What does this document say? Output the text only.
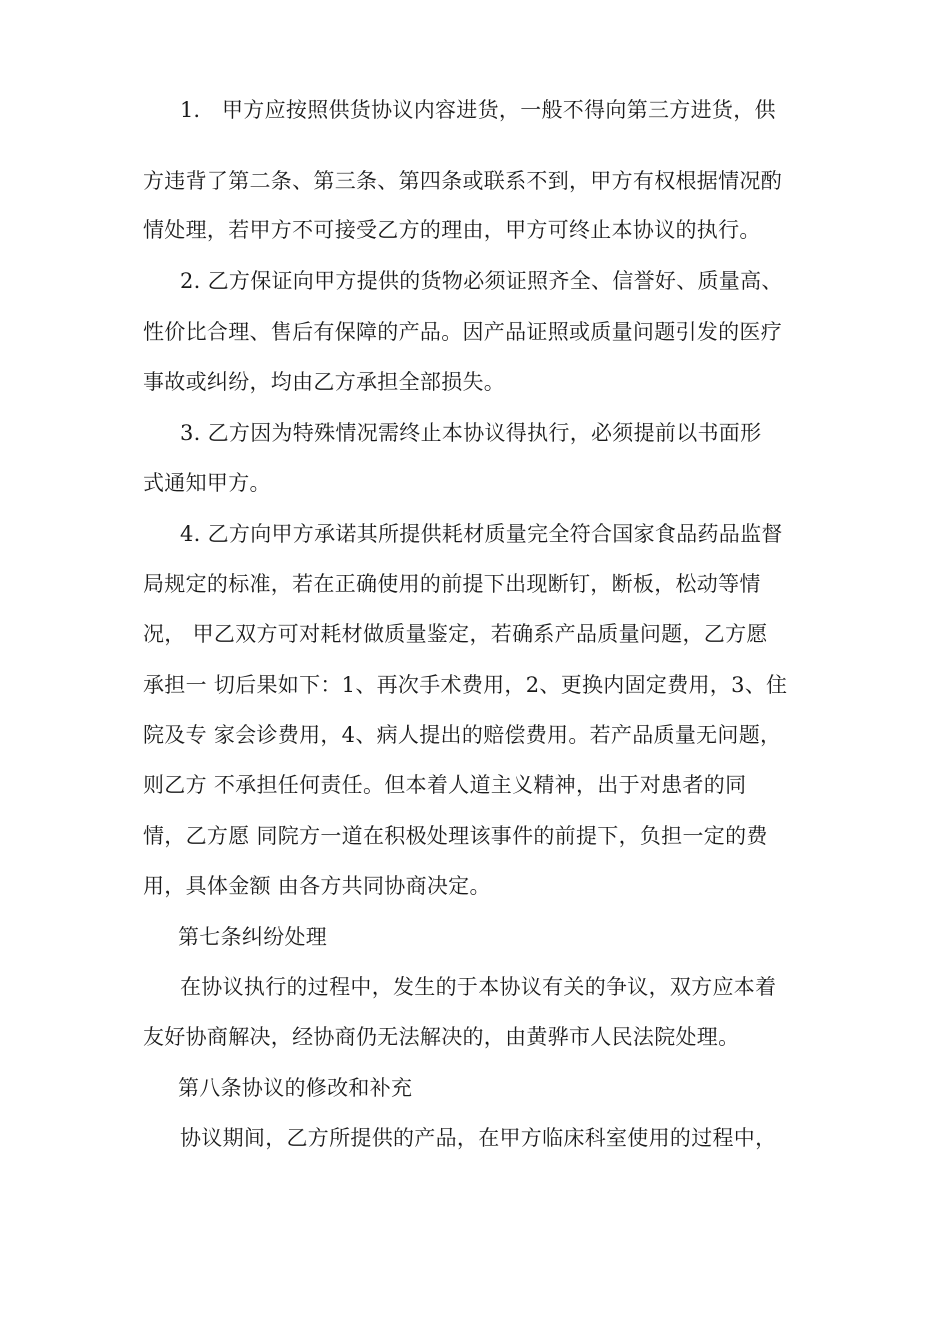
1. 甲方应按照供货协议内容进货，一般不得向第三方进货，供
方违背了第二条、第三条、第四条或联系不到，甲方有权根据情况酌
情处理，若甲方不可接受乙方的理由，甲方可终止本协议的执行。
2. 乙方保证向甲方提供的货物必须证照齐全、信誉好、质量高、
性价比合理、售后有保障的产品。因产品证照或质量问题引发的医疗
事故或纠纷，均由乙方承担全部损失。
3. 乙方因为特殊情况需终止本协议得执行，必须提前以书面形
式通知甲方。
4. 乙方向甲方承诺其所提供耗材质量完全符合国家食品药品监督
局规定的标准，若在正确使用的前提下出现断钉，断板，松动等情
况， 甲乙双方可对耗材做质量鉴定，若确系产品质量问题，乙方愿
承担一 切后果如下：1、再次手术费用，2、更换内固定费用，3、住
院及专 家会诊费用，4、病人提出的赔偿费用。若产品质量无问题，
则乙方 不承担任何责任。但本着人道主义精神，出于对患者的同
情，乙方愿 同院方一道在积极处理该事件的前提下，负担一定的费
用，具体金额 由各方共同协商决定。
第七条纠纷处理
在协议执行的过程中，发生的于本协议有关的争议，双方应本着
友好协商解决，经协商仍无法解决的，由黄骅市人民法院处理。
第八条协议的修改和补充
协议期间，乙方所提供的产品，在甲方临床科室使用的过程中，
